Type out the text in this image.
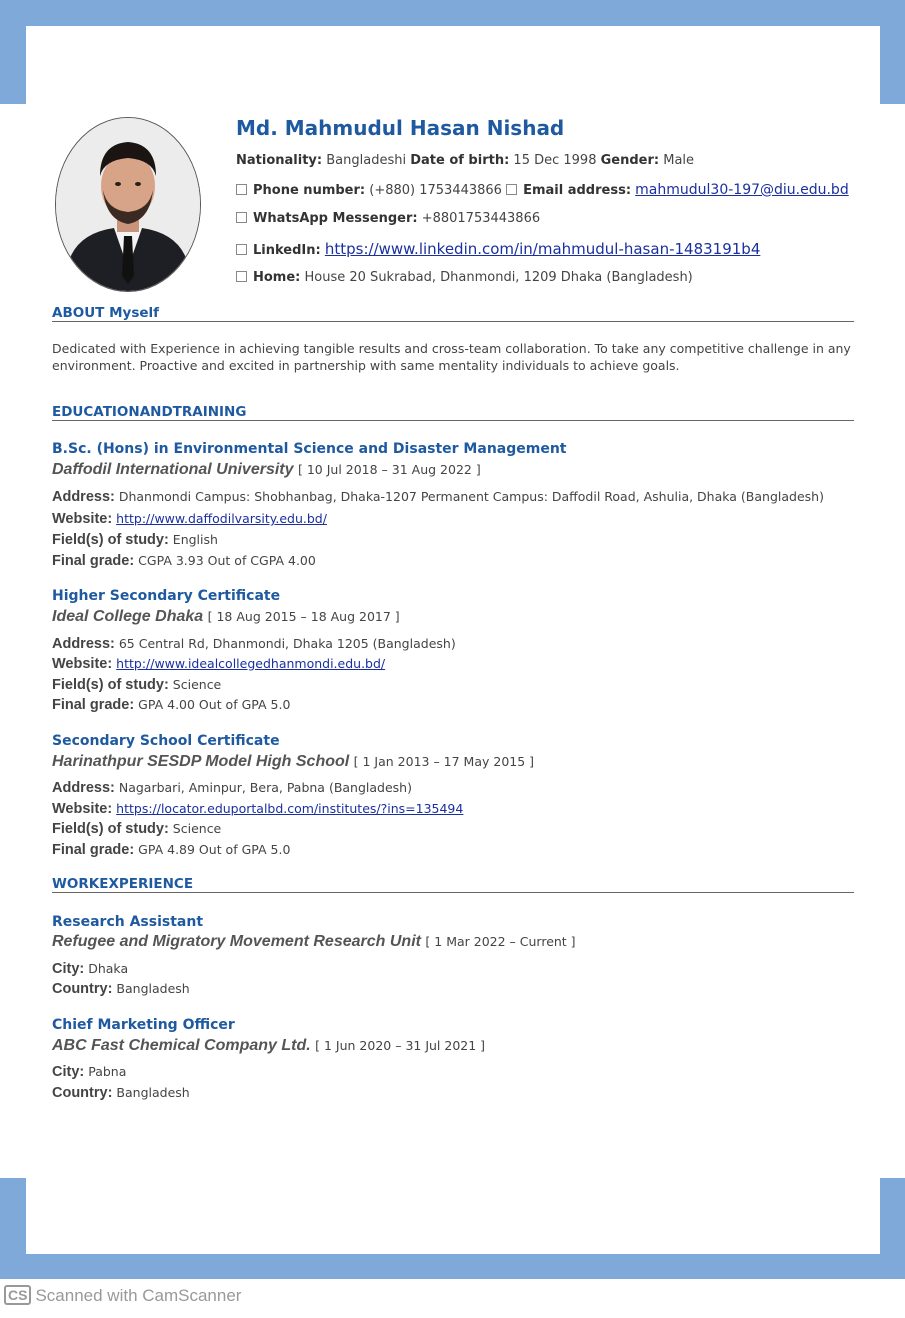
Md. Mahmudul Hasan Nishad
Nationality: Bangladeshi Date of birth: 15 Dec 1998 Gender: Male
Phone number: (+880) 1753443866 Email address: mahmudul30-197@diu.edu.bd
WhatsApp Messenger: +8801753443866
LinkedIn: https://www.linkedin.com/in/mahmudul-hasan-1483191b4
Home: House 20 Sukrabad, Dhanmondi, 1209 Dhaka (Bangladesh)
ABOUT Myself

Dedicated with Experience in achieving tangible results and cross-team collaboration. To take any competitive challenge in any environment. Proactive and excited in partnership with same mentality individuals to achieve goals.

EDUCATIONANDTRAINING
B.Sc. (Hons) in Environmental Science and Disaster Management
Daffodil International University [ 10 Jul 2018 – 31 Aug 2022 ]
Address: Dhanmondi Campus: Shobhanbag, Dhaka-1207 Permanent Campus: Daffodil Road, Ashulia, Dhaka (Bangladesh)
Website: http://www.daffodilvarsity.edu.bd/
Field(s) of study: English
Final grade: CGPA 3.93 Out of CGPA 4.00
Higher Secondary Certificate
Ideal College Dhaka [ 18 Aug 2015 – 18 Aug 2017 ]
Address: 65 Central Rd, Dhanmondi, Dhaka 1205 (Bangladesh)
Website: http://www.idealcollegedhanmondi.edu.bd/
Field(s) of study: Science
Final grade: GPA 4.00 Out of GPA 5.0
Secondary School Certificate
Harinathpur SESDP Model High School [ 1 Jan 2013 – 17 May 2015 ]
Address: Nagarbari, Aminpur, Bera, Pabna (Bangladesh)
Website: https://locator.eduportalbd.com/institutes/?ins=135494
Field(s) of study: Science
Final grade: GPA 4.89 Out of GPA 5.0
WORKEXPERIENCE
Research Assistant
Refugee and Migratory Movement Research Unit [ 1 Mar 2022 – Current ]
City: Dhaka
Country: Bangladesh
Chief Marketing Officer
ABC Fast Chemical Company Ltd. [ 1 Jun 2020 – 31 Jul 2021 ]
City: Pabna
Country: Bangladesh
CS Scanned with CamScanner
